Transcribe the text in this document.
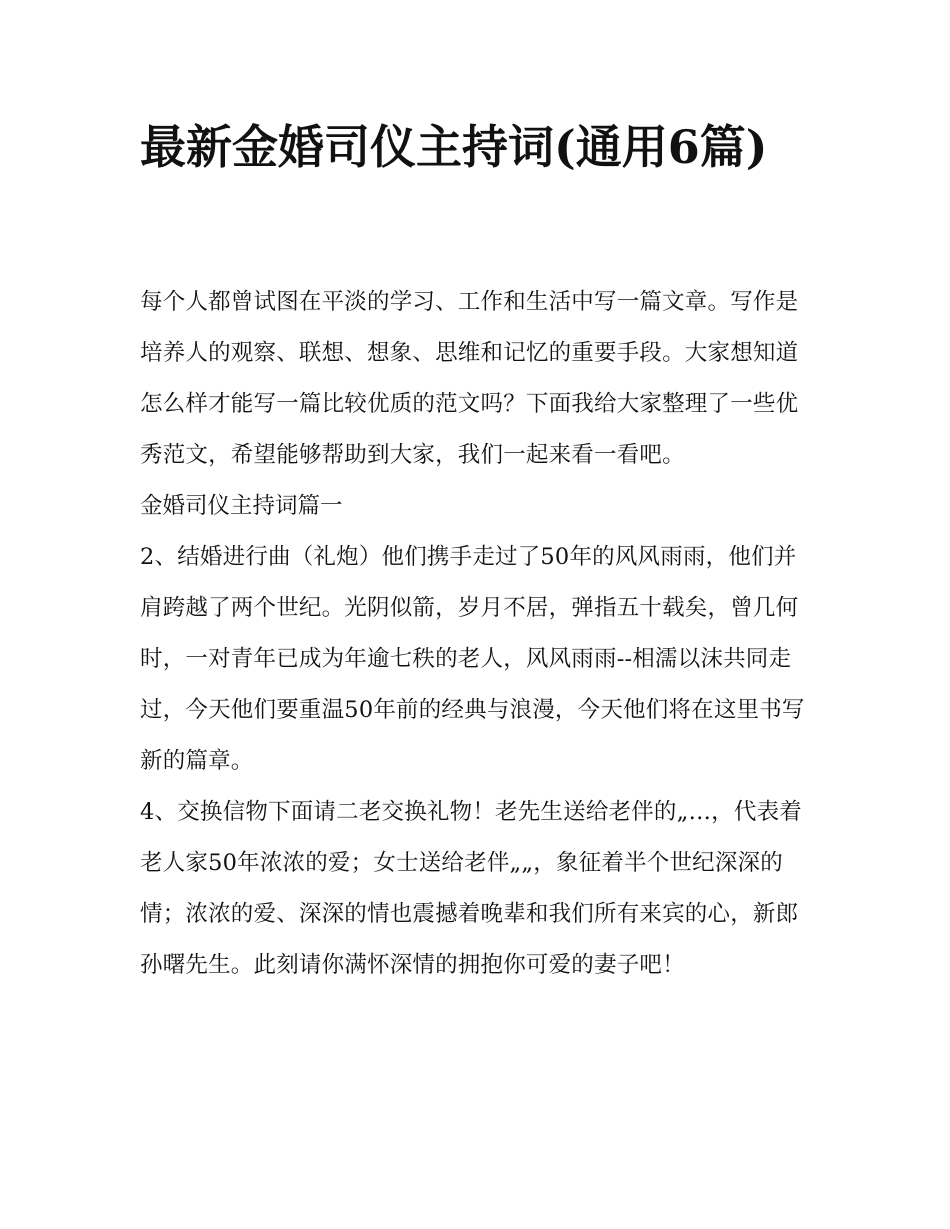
最新金婚司仪主持词(通用6篇)

每个人都曾试图在平淡的学习、工作和生活中写一篇文章。写作是培养人的观察、联想、想象、思维和记忆的重要手段。大家想知道怎么样才能写一篇比较优质的范文吗？下面我给大家整理了一些优秀范文，希望能够帮助到大家，我们一起来看一看吧。

金婚司仪主持词篇一

2、结婚进行曲（礼炮）他们携手走过了50年的风风雨雨，他们并肩跨越了两个世纪。光阴似箭，岁月不居，弹指五十载矣，曾几何时，一对青年已成为年逾七秩的老人，风风雨雨--相濡以沫共同走过，今天他们要重温50年前的经典与浪漫，今天他们将在这里书写新的篇章。

4、交换信物下面请二老交换礼物！老先生送给老伴的„…，代表着老人家50年浓浓的爱；女士送给老伴„„，象征着半个世纪深深的情；浓浓的爱、深深的情也震撼着晚辈和我们所有来宾的心，新郎孙曙先生。此刻请你满怀深情的拥抱你可爱的妻子吧！
